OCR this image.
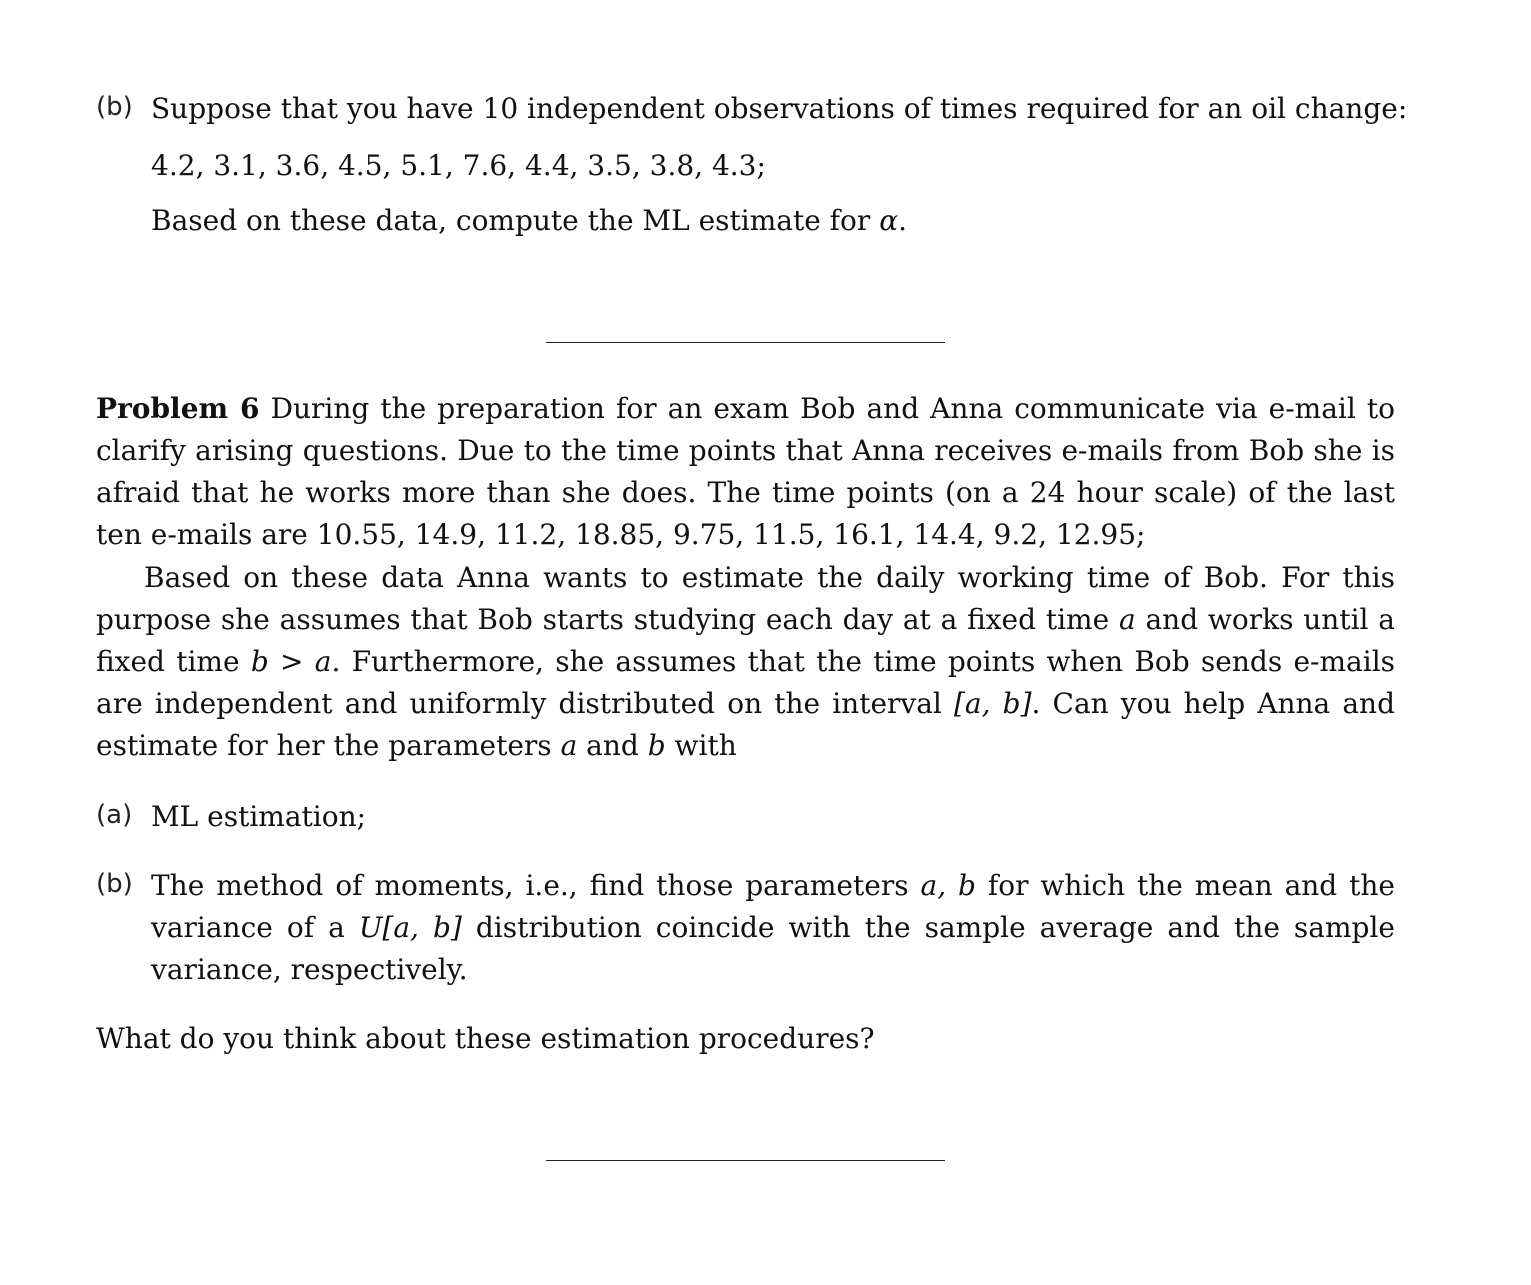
(b) Suppose that you have 10 independent observations of times required for an oil change:
4.2, 3.1, 3.6, 4.5, 5.1, 7.6, 4.4, 3.5, 3.8, 4.3;
Based on these data, compute the ML estimate for α.
Problem 6 During the preparation for an exam Bob and Anna communicate via e-mail to clarify arising questions. Due to the time points that Anna receives e-mails from Bob she is afraid that he works more than she does. The time points (on a 24 hour scale) of the last ten e-mails are 10.55, 14.9, 11.2, 18.85, 9.75, 11.5, 16.1, 14.4, 9.2, 12.95;
Based on these data Anna wants to estimate the daily working time of Bob. For this purpose she assumes that Bob starts studying each day at a fixed time a and works until a fixed time b > a. Furthermore, she assumes that the time points when Bob sends e-mails are independent and uniformly distributed on the interval [a, b]. Can you help Anna and estimate for her the parameters a and b with
(a) ML estimation;
(b) The method of moments, i.e., find those parameters a, b for which the mean and the variance of a U[a, b] distribution coincide with the sample average and the sample variance, respectively.
What do you think about these estimation procedures?
